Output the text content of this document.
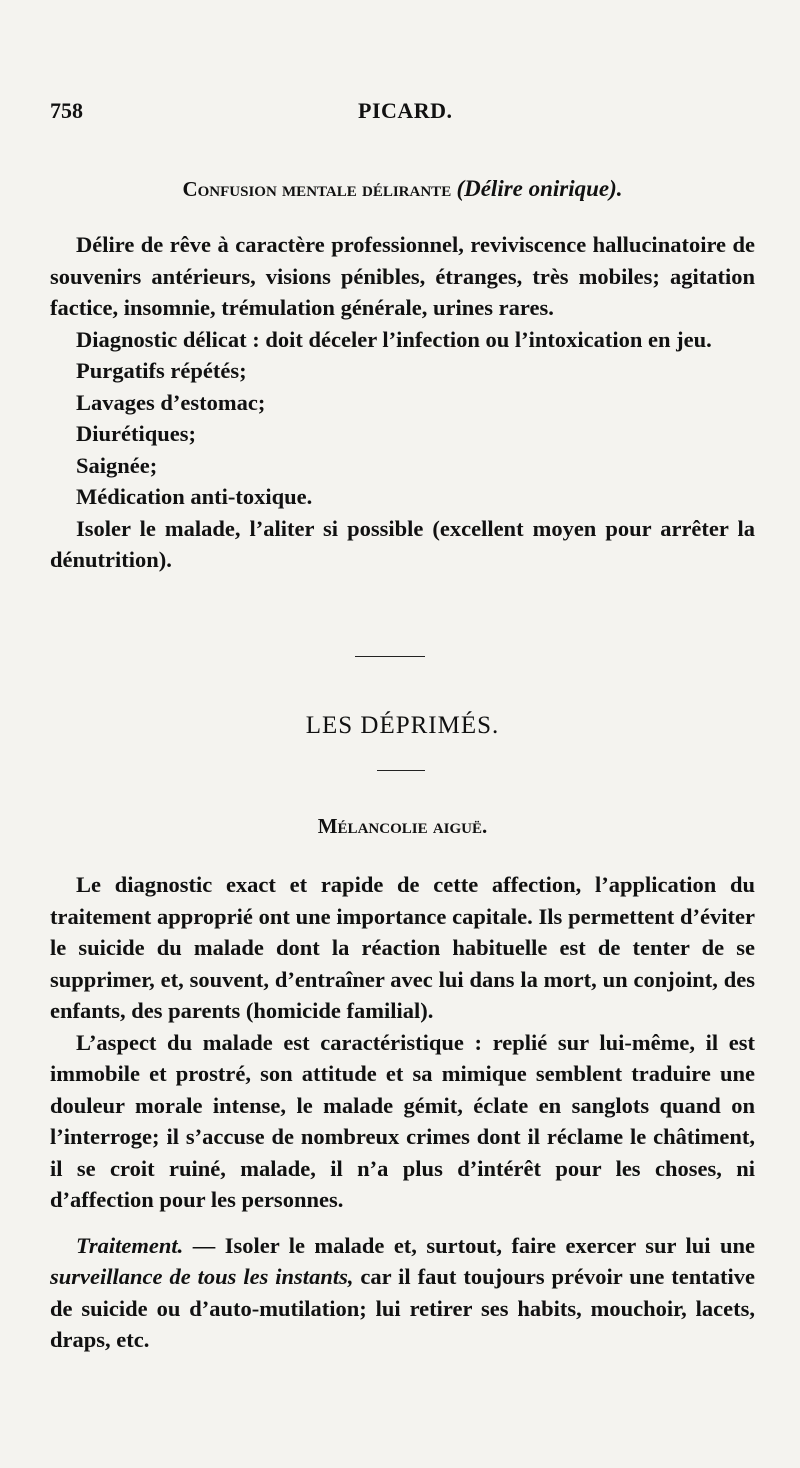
758	PICARD.
Confusion mentale délirante (Délire onirique).

Délire de rêve à caractère professionnel, reviviscence hallucinatoire de souvenirs antérieurs, visions pénibles, étranges, très mobiles; agitation factice, insomnie, trémulation générale, urines rares.

Diagnostic délicat : doit déceler l’infection ou l’intoxication en jeu.

Purgatifs répétés;

Lavages d’estomac;

Diurétiques;

Saignée;

Médication anti-toxique.

Isoler le malade, l’aliter si possible (excellent moyen pour arrêter la dénutrition).

LES DÉPRIMÉS.
Mélancolie aiguë.

Le diagnostic exact et rapide de cette affection, l’application du traitement approprié ont une importance capitale. Ils permettent d’éviter le suicide du malade dont la réaction habituelle est de tenter de se supprimer, et, souvent, d’entraîner avec lui dans la mort, un conjoint, des enfants, des parents (homicide familial).

L’aspect du malade est caractéristique : replié sur lui-même, il est immobile et prostré, son attitude et sa mimique semblent traduire une douleur morale intense, le malade gémit, éclate en sanglots quand on l’interroge; il s’accuse de nombreux crimes dont il réclame le châtiment, il se croit ruiné, malade, il n’a plus d’intérêt pour les choses, ni d’affection pour les personnes.

Traitement. — Isoler le malade et, surtout, faire exercer sur lui une surveillance de tous les instants, car il faut toujours prévoir une tentative de suicide ou d’auto-mutilation; lui retirer ses habits, mouchoir, lacets, draps, etc.
